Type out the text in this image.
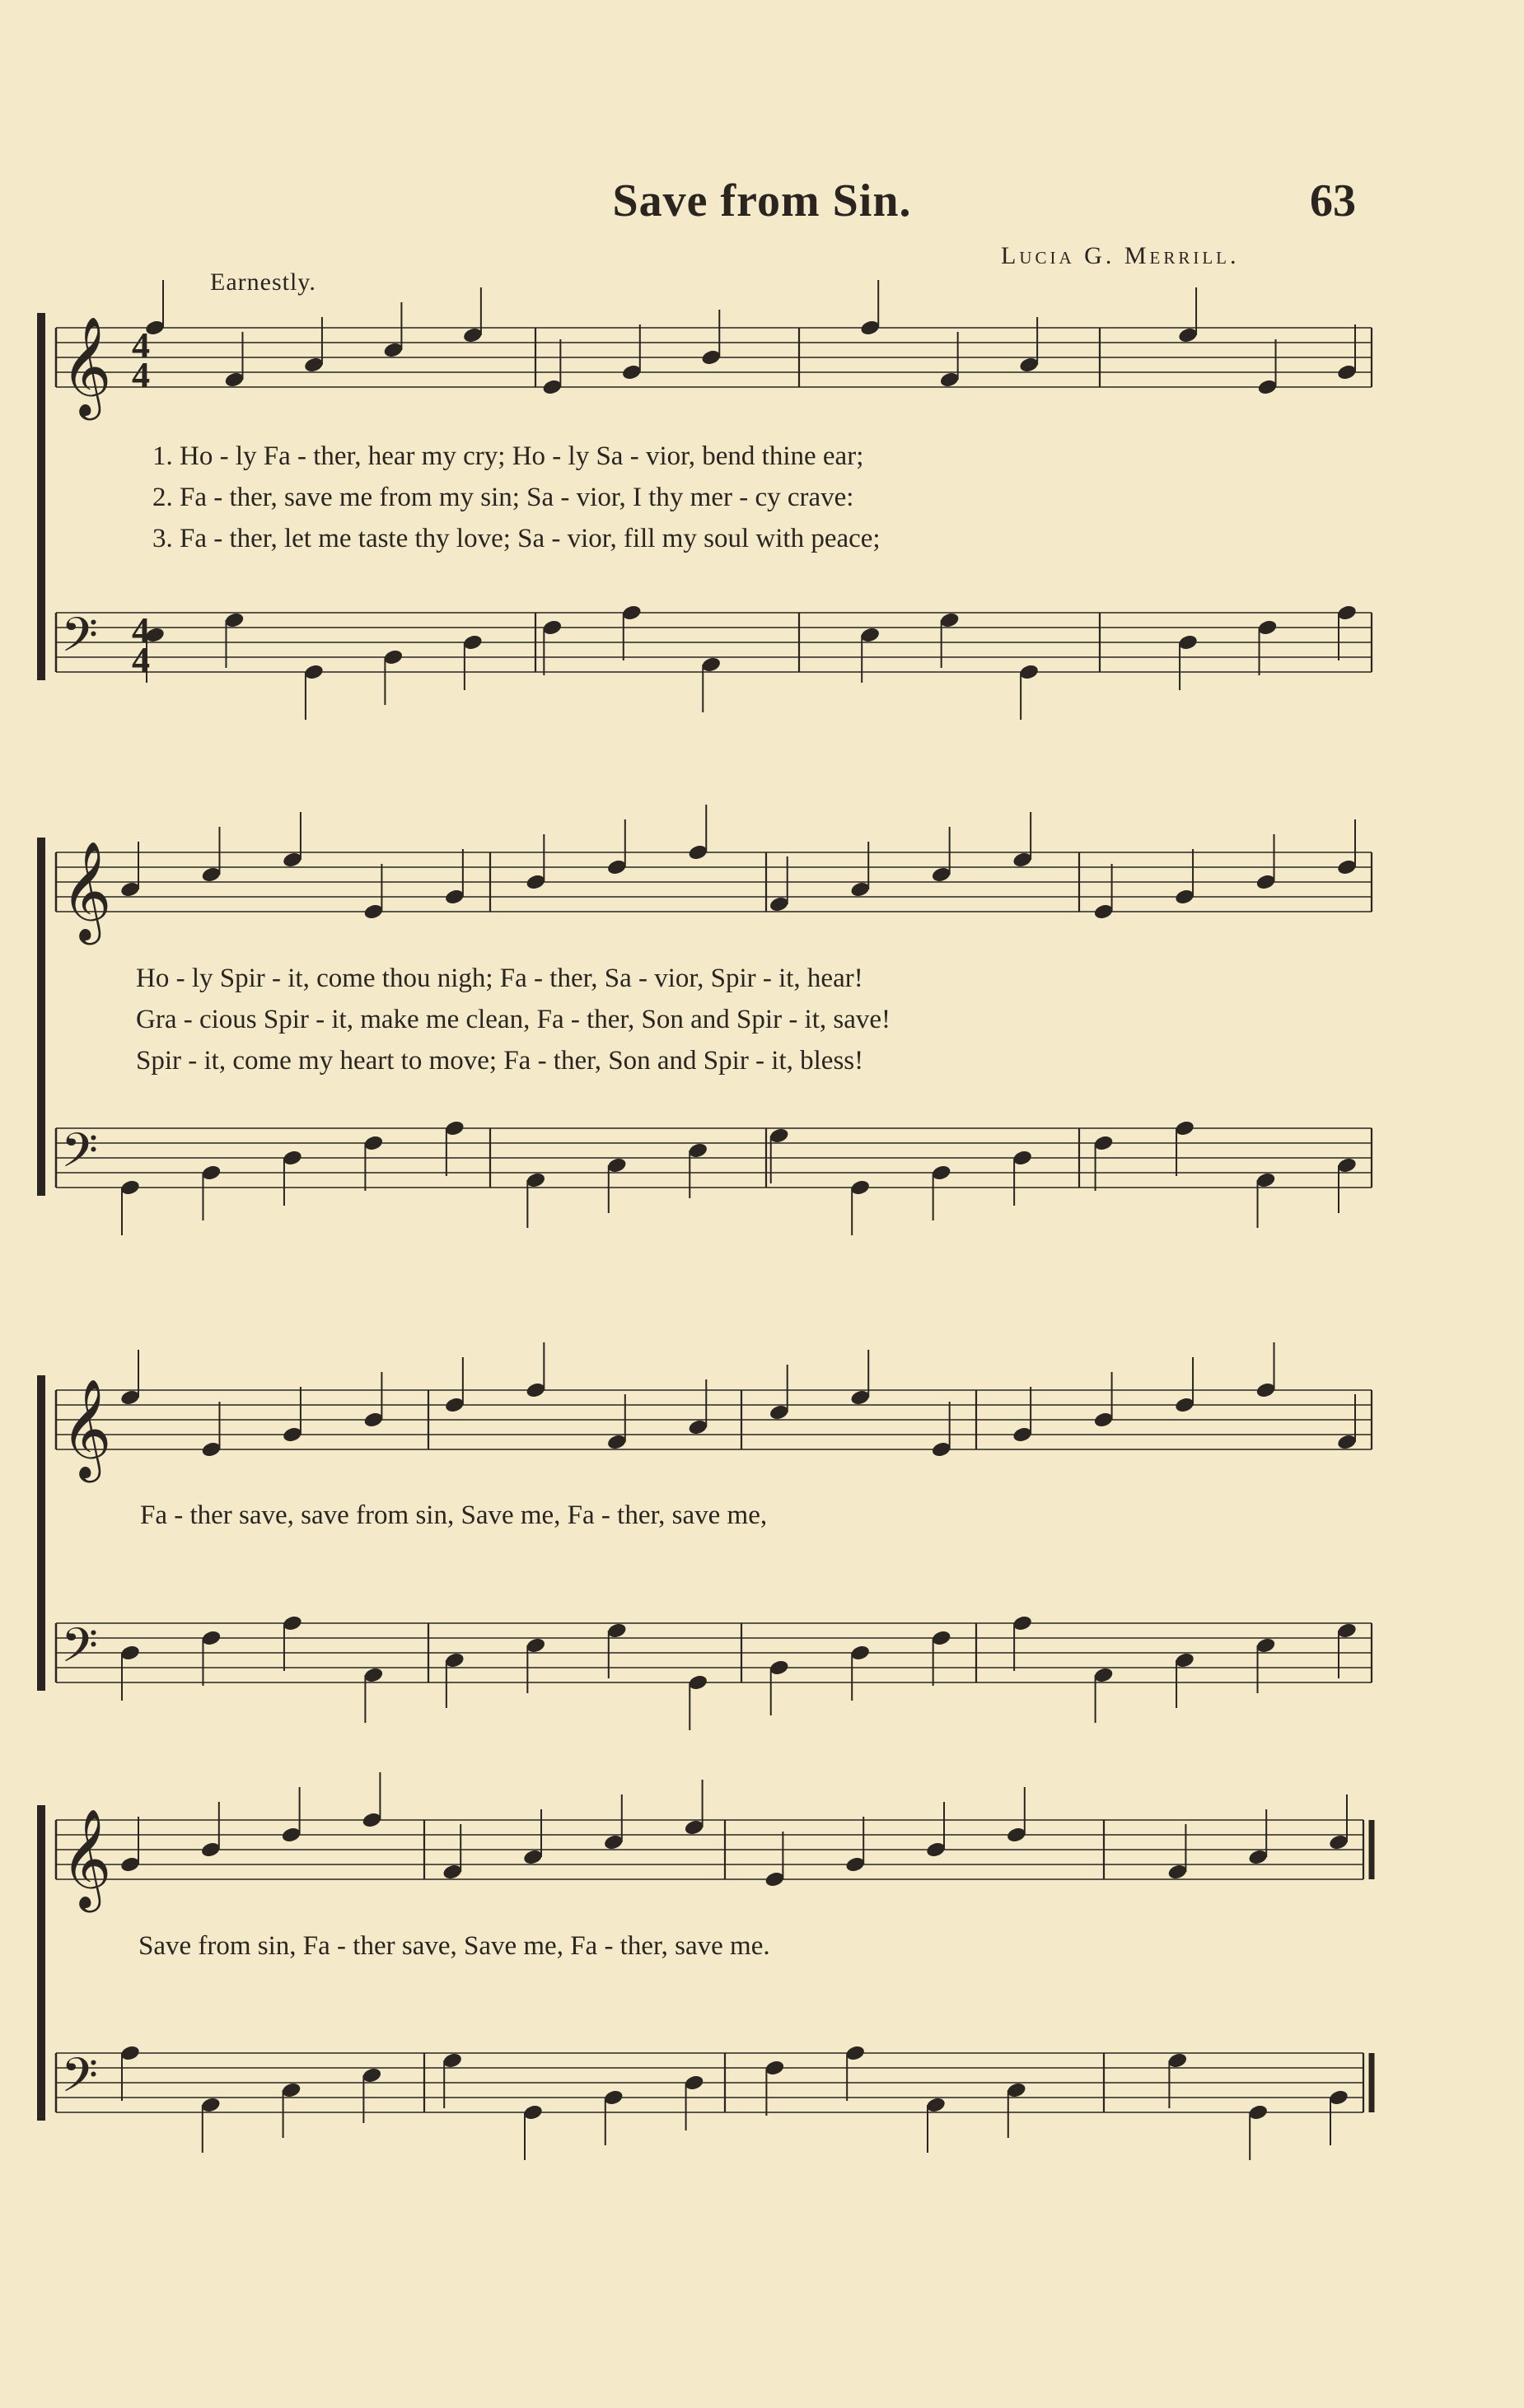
Save from Sin.	63
Lucia G. Merrill.
Earnestly.
𝄞 4
4
𝄢 4
4
𝄞
𝄢
𝄞
𝄢
𝄞
𝄢
1. Ho - ly Fa - ther, hear my cry; Ho - ly Sa - vior, bend thine ear;
2. Fa - ther, save me from my sin; Sa - vior, I thy mer - cy crave:
3. Fa - ther, let me taste thy love; Sa - vior, fill my soul with peace;
Ho - ly Spir - it, come thou nigh; Fa - ther, Sa - vior, Spir - it, hear!
Gra - cious Spir - it, make me clean, Fa - ther, Son and Spir - it, save!
Spir - it, come my heart to move; Fa - ther, Son and Spir - it, bless!
Fa - ther save, save from sin, Save me, Fa - ther, save me,
Save from sin, Fa - ther save, Save me, Fa - ther, save me.
